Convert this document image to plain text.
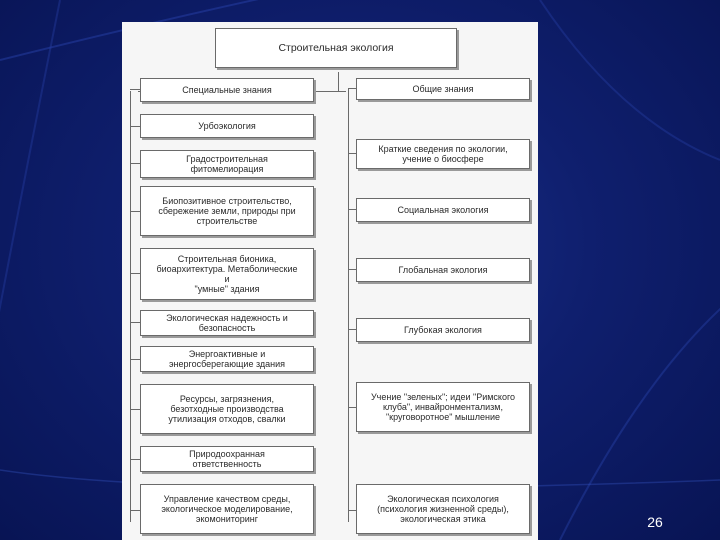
Строительная экология
Специальные знания
Урбоэкология
Градостроительная
фитомелиорация
Биопозитивное строительство,
сбережение земли, природы при
строительстве
Строительная бионика,
биоархитектура. Метаболические
и
"умные" здания
Экологическая надежность и
безопасность
Энергоактивные и
энергосберегающие здания
Ресурсы, загрязнения,
безотходные производства
утилизация отходов, свалки
Природоохранная
ответственность
Управление качеством среды,
экологическое моделирование,
экомониторинг
Общие знания
Краткие сведения по экологии,
учение о биосфере
Социальная экология
Глобальная экология
Глубокая экология
Учение "зеленых"; идеи "Римского
клуба", инвайронментализм,
"круговоротное" мышление
Экологическая психология
(психология жизненной среды),
экологическая этика	26
